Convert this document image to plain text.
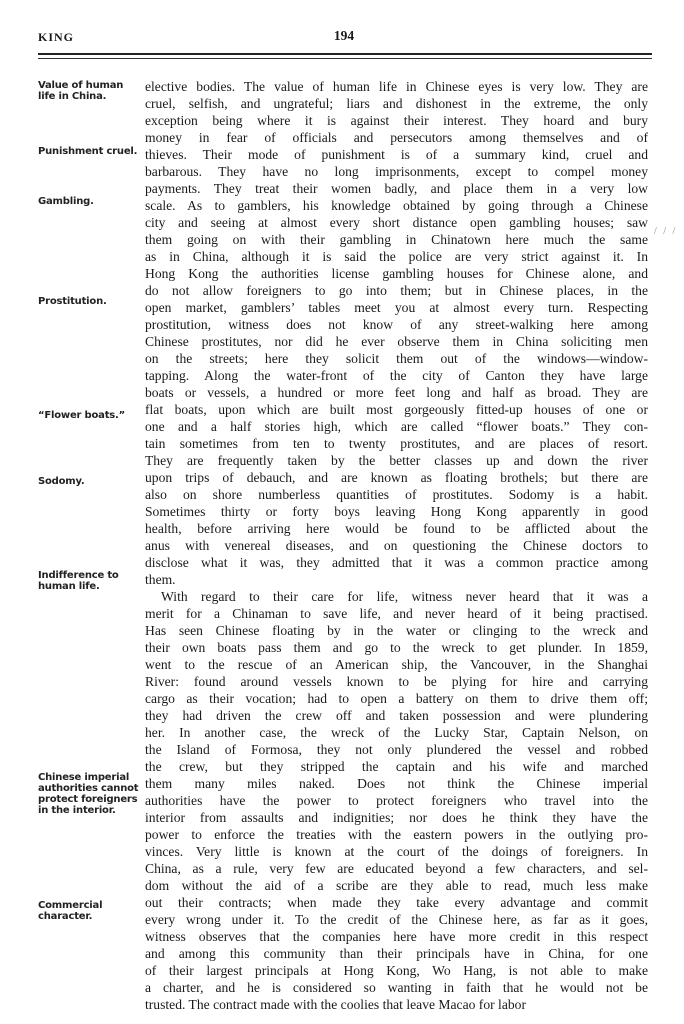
KING	194
/ / /
Value of human life in China.
Punishment cruel.
Gambling.
Prostitution.
“Flower boats.”
Sodomy.
Indifference to human life.
Chinese imperial authorities cannot protect foreigners in the interior.
Commercial character.
elective bodies. The value of human life in Chinese eyes is very low. They are
cruel, selfish, and ungrateful; liars and dishonest in the extreme, the only
exception being where it is against their interest. They hoard and bury
money in fear of officials and persecutors among themselves and of
thieves. Their mode of punishment is of a summary kind, cruel and
barbarous. They have no long imprisonments, except to compel money
payments. They treat their women badly, and place them in a very low
scale. As to gamblers, his knowledge obtained by going through a Chinese
city and seeing at almost every short distance open gambling houses; saw
them going on with their gambling in Chinatown here much the same
as in China, although it is said the police are very strict against it. In
Hong Kong the authorities license gambling houses for Chinese alone, and
do not allow foreigners to go into them; but in Chinese places, in the
open market, gamblers’ tables meet you at almost every turn. Respecting
prostitution, witness does not know of any street-walking here among
Chinese prostitutes, nor did he ever observe them in China soliciting men
on the streets; here they solicit them out of the windows—window-
tapping. Along the water-front of the city of Canton they have large
boats or vessels, a hundred or more feet long and half as broad. They are
flat boats, upon which are built most gorgeously fitted-up houses of one or
one and a half stories high, which are called “flower boats.” They con-
tain sometimes from ten to twenty prostitutes, and are places of resort.
They are frequently taken by the better classes up and down the river
upon trips of debauch, and are known as floating brothels; but there are
also on shore numberless quantities of prostitutes. Sodomy is a habit.
Sometimes thirty or forty boys leaving Hong Kong apparently in good
health, before arriving here would be found to be afflicted about the
anus with venereal diseases, and on questioning the Chinese doctors to
disclose what it was, they admitted that it was a common practice among
them.
With regard to their care for life, witness never heard that it was a
merit for a Chinaman to save life, and never heard of it being practised.
Has seen Chinese floating by in the water or clinging to the wreck and
their own boats pass them and go to the wreck to get plunder. In 1859,
went to the rescue of an American ship, the Vancouver, in the Shanghai
River: found around vessels known to be plying for hire and carrying
cargo as their vocation; had to open a battery on them to drive them off;
they had driven the crew off and taken possession and were plundering
her. In another case, the wreck of the Lucky Star, Captain Nelson, on
the Island of Formosa, they not only plundered the vessel and robbed
the crew, but they stripped the captain and his wife and marched
them many miles naked. Does not think the Chinese imperial
authorities have the power to protect foreigners who travel into the
interior from assaults and indignities; nor does he think they have the
power to enforce the treaties with the eastern powers in the outlying pro-
vinces. Very little is known at the court of the doings of foreigners. In
China, as a rule, very few are educated beyond a few characters, and sel-
dom without the aid of a scribe are they able to read, much less make
out their contracts; when made they take every advantage and commit
every wrong under it. To the credit of the Chinese here, as far as it goes,
witness observes that the companies here have more credit in this respect
and among this community than their principals have in China, for one
of their largest principals at Hong Kong, Wo Hang, is not able to make
a charter, and he is considered so wanting in faith that he would not be
trusted. The contract made with the coolies that leave Macao for labor
